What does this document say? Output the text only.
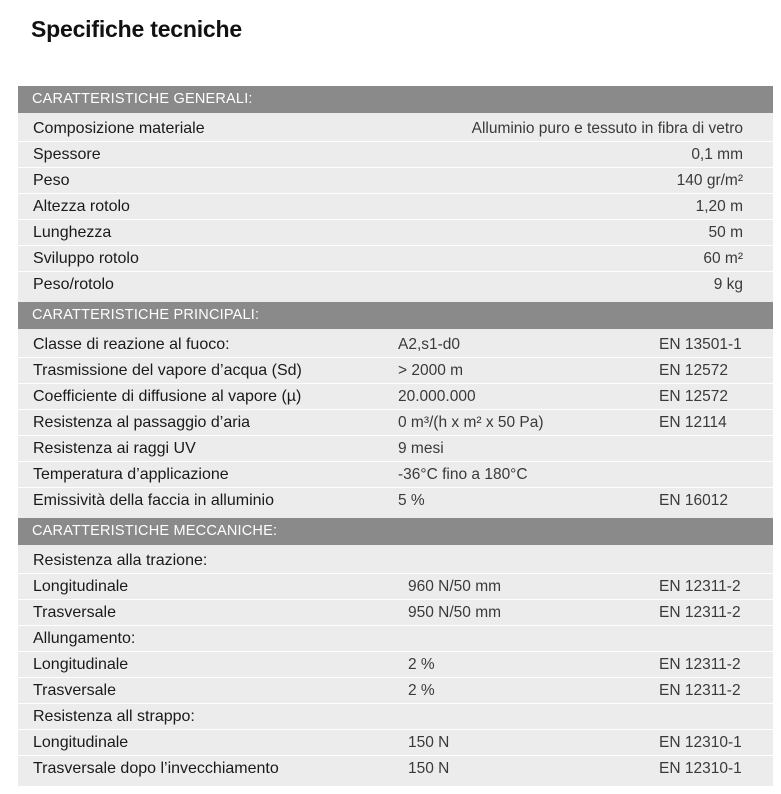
Specifiche tecniche
CARATTERISTICHE GENERALI:
Composizione materiale	Alluminio puro e tessuto in fibra di vetro
Spessore	0,1 mm
Peso	140 gr/m²
Altezza rotolo	1,20 m
Lunghezza	50 m
Sviluppo rotolo	60 m²
Peso/rotolo	9 kg
CARATTERISTICHE PRINCIPALI:
Classe di reazione al fuoco:	A2,s1-d0	EN 13501-1
Trasmissione del vapore d’acqua (Sd)	> 2000 m	EN 12572
Coefficiente di diffusione al vapore (µ)	20.000.000	EN 12572
Resistenza al passaggio d’aria	0 m³/(h x m² x 50 Pa)	EN 12114
Resistenza ai raggi UV	9 mesi
Temperatura d’applicazione	-36°C fino a 180°C
Emissività della faccia in alluminio	5 %	EN 16012
CARATTERISTICHE MECCANICHE:
Resistenza alla trazione:
Longitudinale	960 N/50 mm	EN 12311-2
Trasversale	950 N/50 mm	EN 12311-2
Allungamento:
Longitudinale	2 %	EN 12311-2
Trasversale	2 %	EN 12311-2
Resistenza all strappo:
Longitudinale	150 N	EN 12310-1
Trasversale dopo l’invecchiamento	150 N	EN 12310-1
